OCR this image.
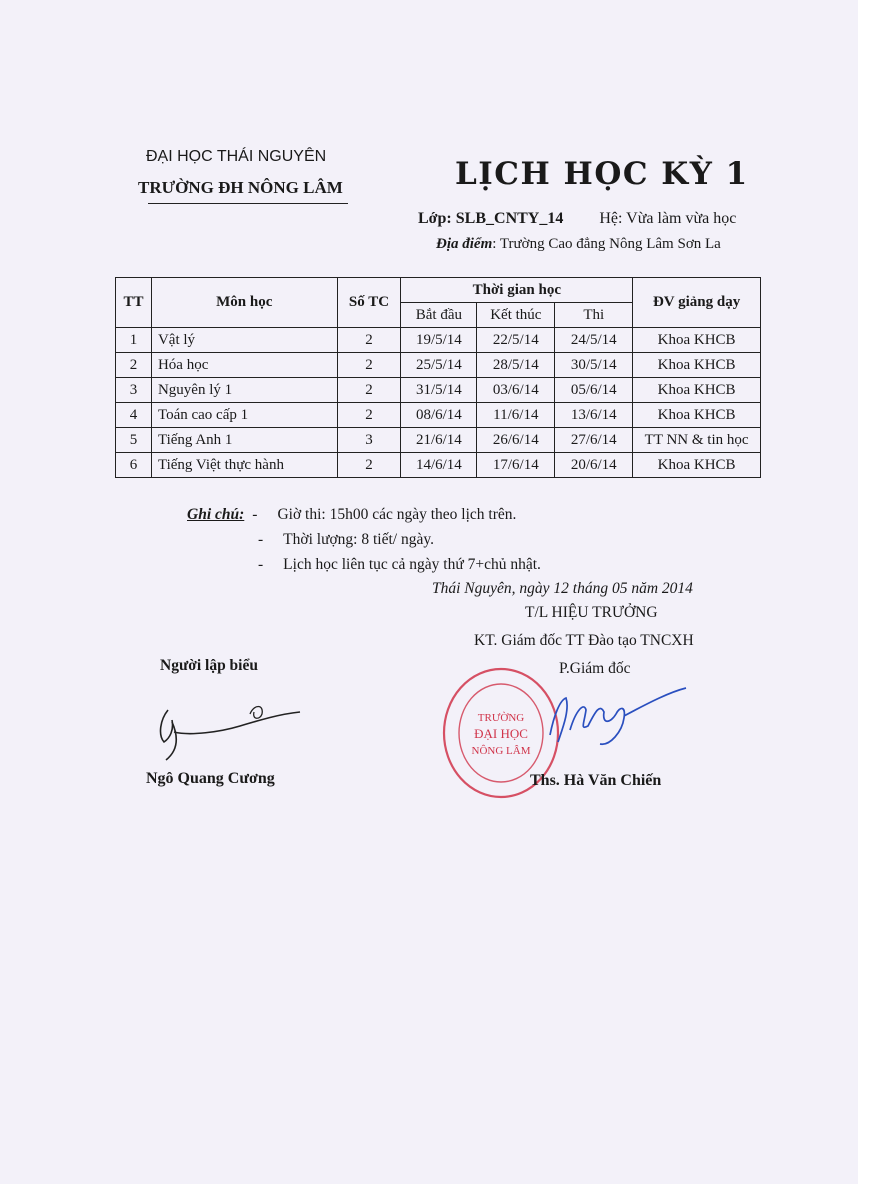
ĐẠI HỌC THÁI NGUYÊN
TRƯỜNG ĐH NÔNG LÂM	LỊCH HỌC KỲ 1
Lớp: SLB_CNTY_14 Hệ: Vừa làm vừa học
Địa điểm: Trường Cao đẳng Nông Lâm Sơn La
TT	Môn học	Số TC	Thời gian học			ĐV giảng dạy
			Bắt đầu	Kết thúc	Thi	
1	Vật lý	2	19/5/14	22/5/14	24/5/14	Khoa KHCB
2	Hóa học	2	25/5/14	28/5/14	30/5/14	Khoa KHCB
3	Nguyên lý 1	2	31/5/14	03/6/14	05/6/14	Khoa KHCB
4	Toán cao cấp 1	2	08/6/14	11/6/14	13/6/14	Khoa KHCB
5	Tiếng Anh 1	3	21/6/14	26/6/14	27/6/14	TT NN & tin học
6	Tiếng Việt thực hành	2	14/6/14	17/6/14	20/6/14	Khoa KHCB
Ghi chú: - Giờ thi: 15h00 các ngày theo lịch trên.
- Thời lượng: 8 tiết/ ngày.
- Lịch học liên tục cả ngày thứ 7+chủ nhật.
Thái Nguyên, ngày 12 tháng 05 năm 2014
T/L HIỆU TRƯỞNG
KT. Giám đốc TT Đào tạo TNCXH
P.Giám đốc
Người lập biểu
Ngô Quang Cương
TRƯỜNG
ĐẠI HỌC
NÔNG LÂM
Ths. Hà Văn Chiến
